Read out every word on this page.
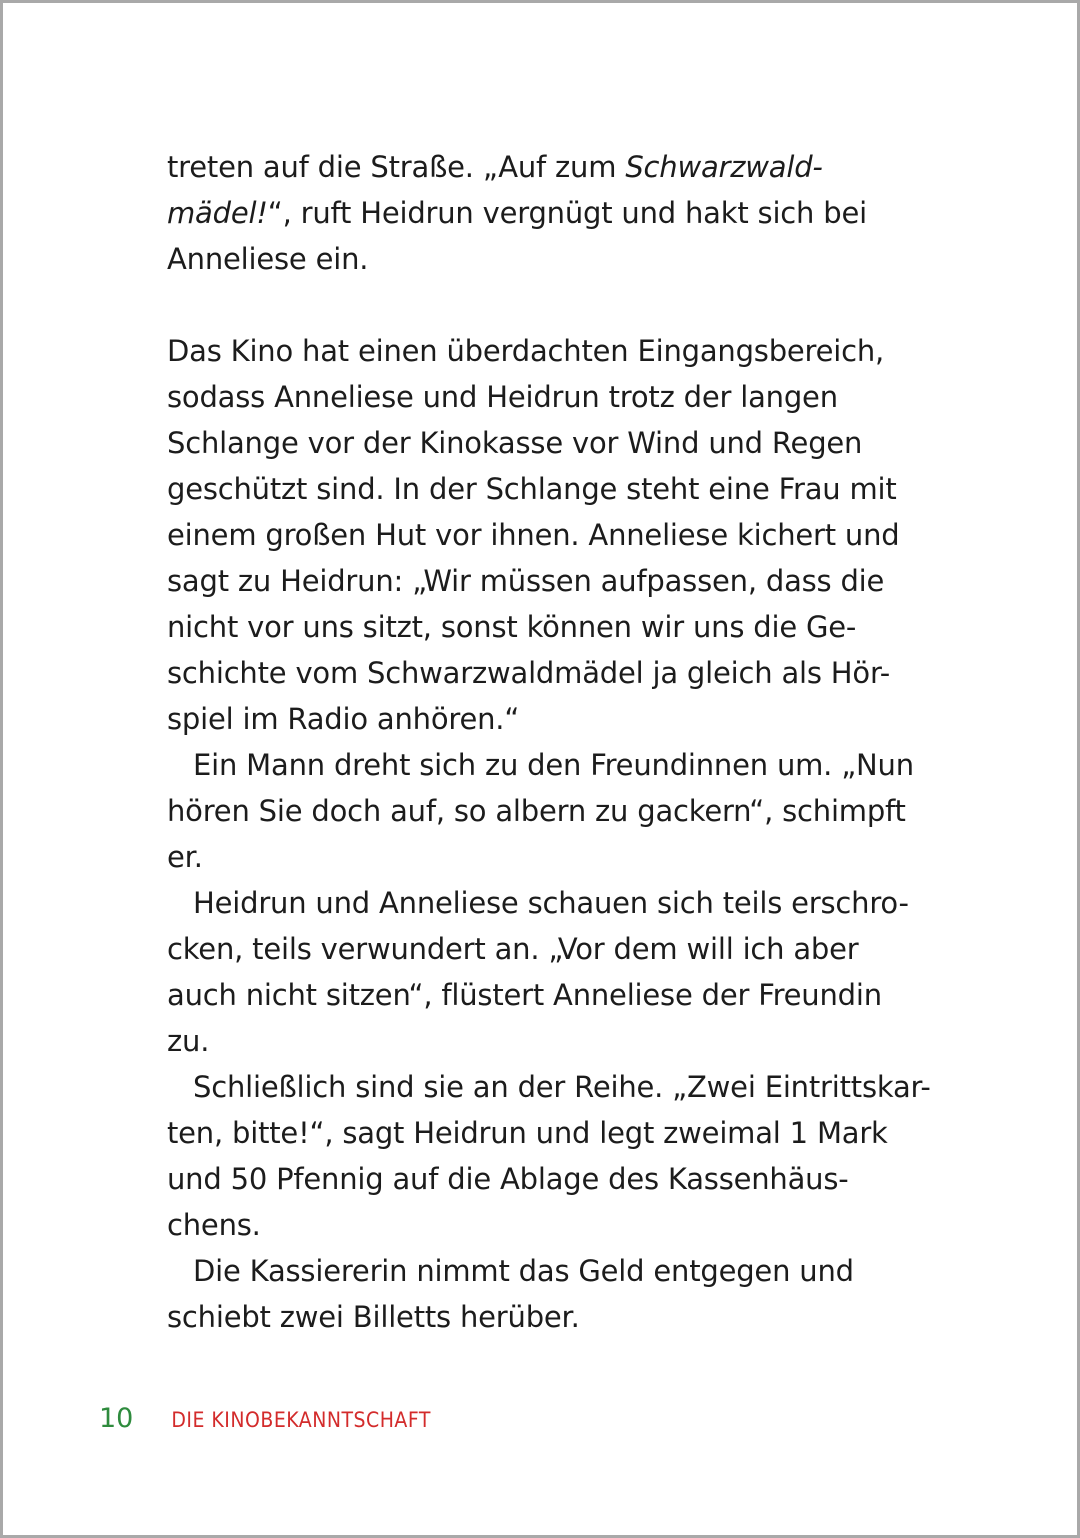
treten auf die Straße. „Auf zum Schwarzwald-
mädel!“, ruft Heidrun vergnügt und hakt sich bei
Anneliese ein.
Das Kino hat einen überdachten Eingangsbereich,
sodass Anneliese und Heidrun trotz der langen
Schlange vor der Kinokasse vor Wind und Regen
geschützt sind. In der Schlange steht eine Frau mit
einem großen Hut vor ihnen. Anneliese kichert und
sagt zu Heidrun: „Wir müssen aufpassen, dass die
nicht vor uns sitzt, sonst können wir uns die Ge-
schichte vom Schwarzwaldmädel ja gleich als Hör-
spiel im Radio anhören.“
Ein Mann dreht sich zu den Freundinnen um. „Nun
hören Sie doch auf, so albern zu gackern“, schimpft
er.
Heidrun und Anneliese schauen sich teils erschro-
cken, teils verwundert an. „Vor dem will ich aber
auch nicht sitzen“, flüstert Anneliese der Freundin
zu.
Schließlich sind sie an der Reihe. „Zwei Eintrittskar-
ten, bitte!“, sagt Heidrun und legt zweimal 1 Mark
und 50 Pfennig auf die Ablage des Kassenhäus-
chens.
Die Kassiererin nimmt das Geld entgegen und
schiebt zwei Billetts herüber.
10 DIE KINOBEKANNTSCHAFT
